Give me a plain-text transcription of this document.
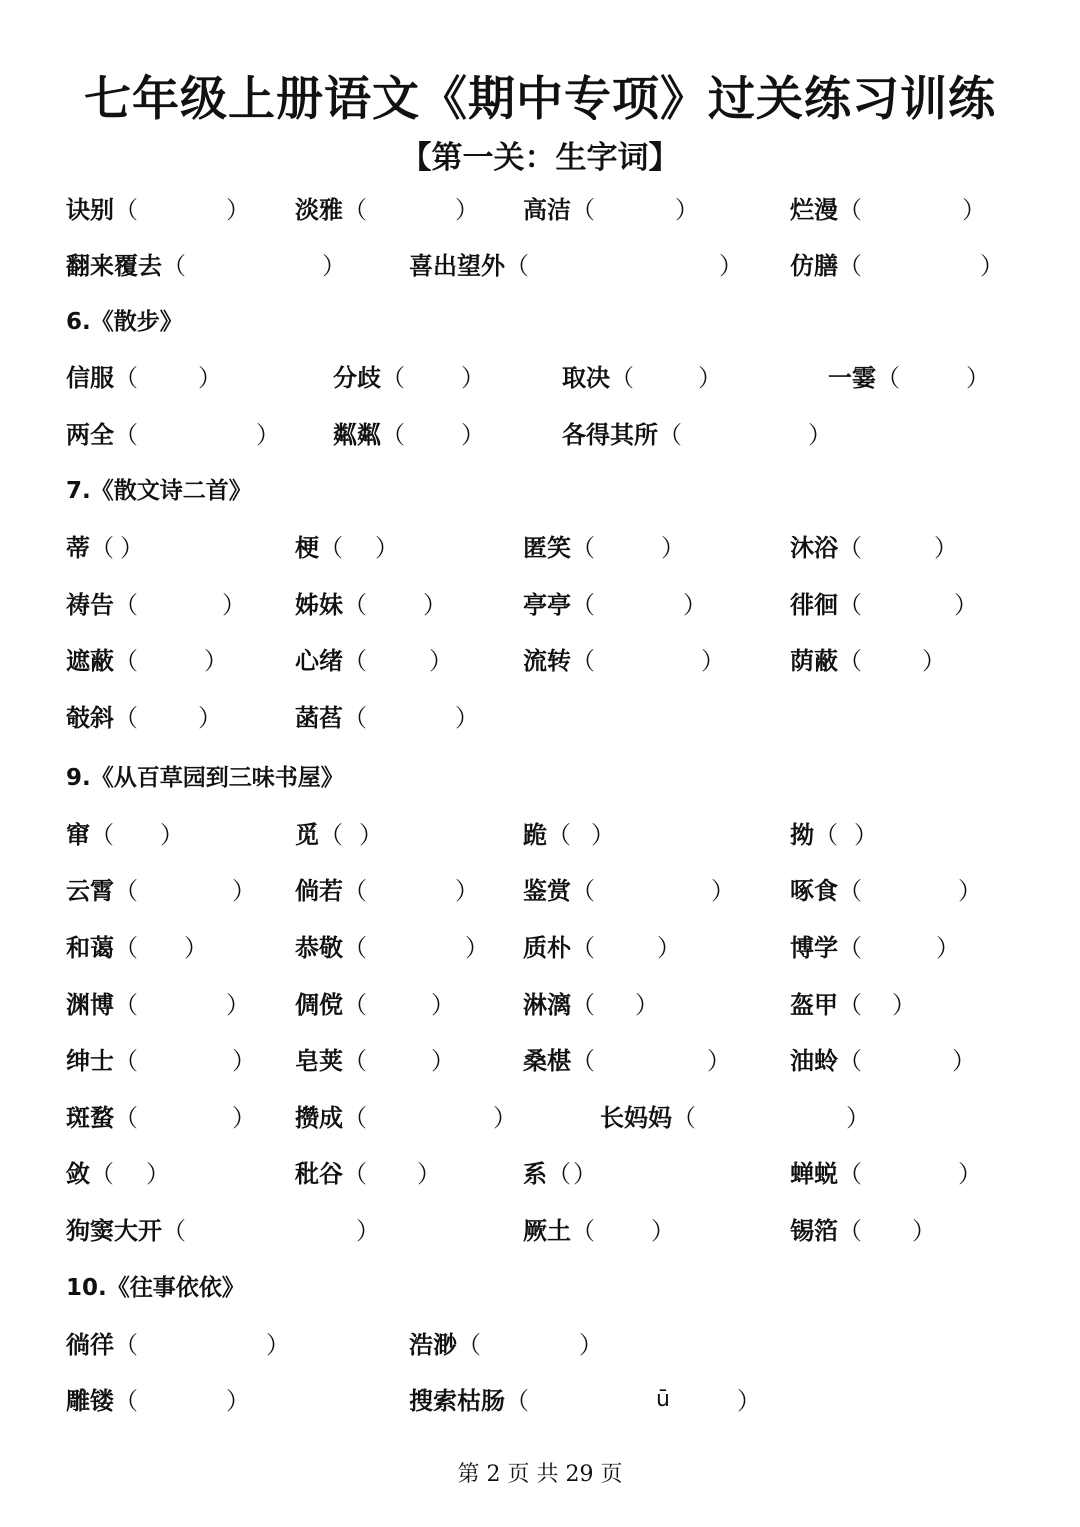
七年级上册语文《期中专项》过关练习训练
【第一关：生字词】
诀别（	） 淡雅（	） 高洁（	）	烂漫（	）
翻来覆去（	）	喜出望外（	） 仿膳（	）
6.《散步》
信服（	）	分歧（ ）	取决（	）	一霎（	）
两全（	） 粼粼（ ）	各得其所（	）
7.《散文诗二首》
蒂（ ）	梗（ ）	匿笑（	）	沐浴（	）
祷告（	） 姊妹（ ）	亭亭（	）	徘徊（	）
遮蔽（	）	心绪（	）	流转（	）	荫蔽（	）
攲斜（	）	菡萏（	）
9.《从百草园到三味书屋》
窜（ ）	觅（ ）	跪（ ）	拗（ ）
云霄（	） 倘若（	） 鉴赏（	） 啄食（	）
和蔼（ ）	恭敬（	） 质朴（	）	博学（	）
渊博（	） 倜傥（	）	淋漓（ ）	盔甲（ ）
绅士（	） 皂荚（	）	桑椹（	） 油蛉（	）
斑蝥（	） 攒成（	）	长妈妈（	）
敛（ ）	秕谷（ ）	系（）	蝉蜕（	）
狗窦大开（	）	厥土（ ）	锡箔（ ）
10.《往事依依》
徜徉（	）	浩渺（	）
雕镂（	）	搜索枯肠（	）
ū
第 2 页 共 29 页
